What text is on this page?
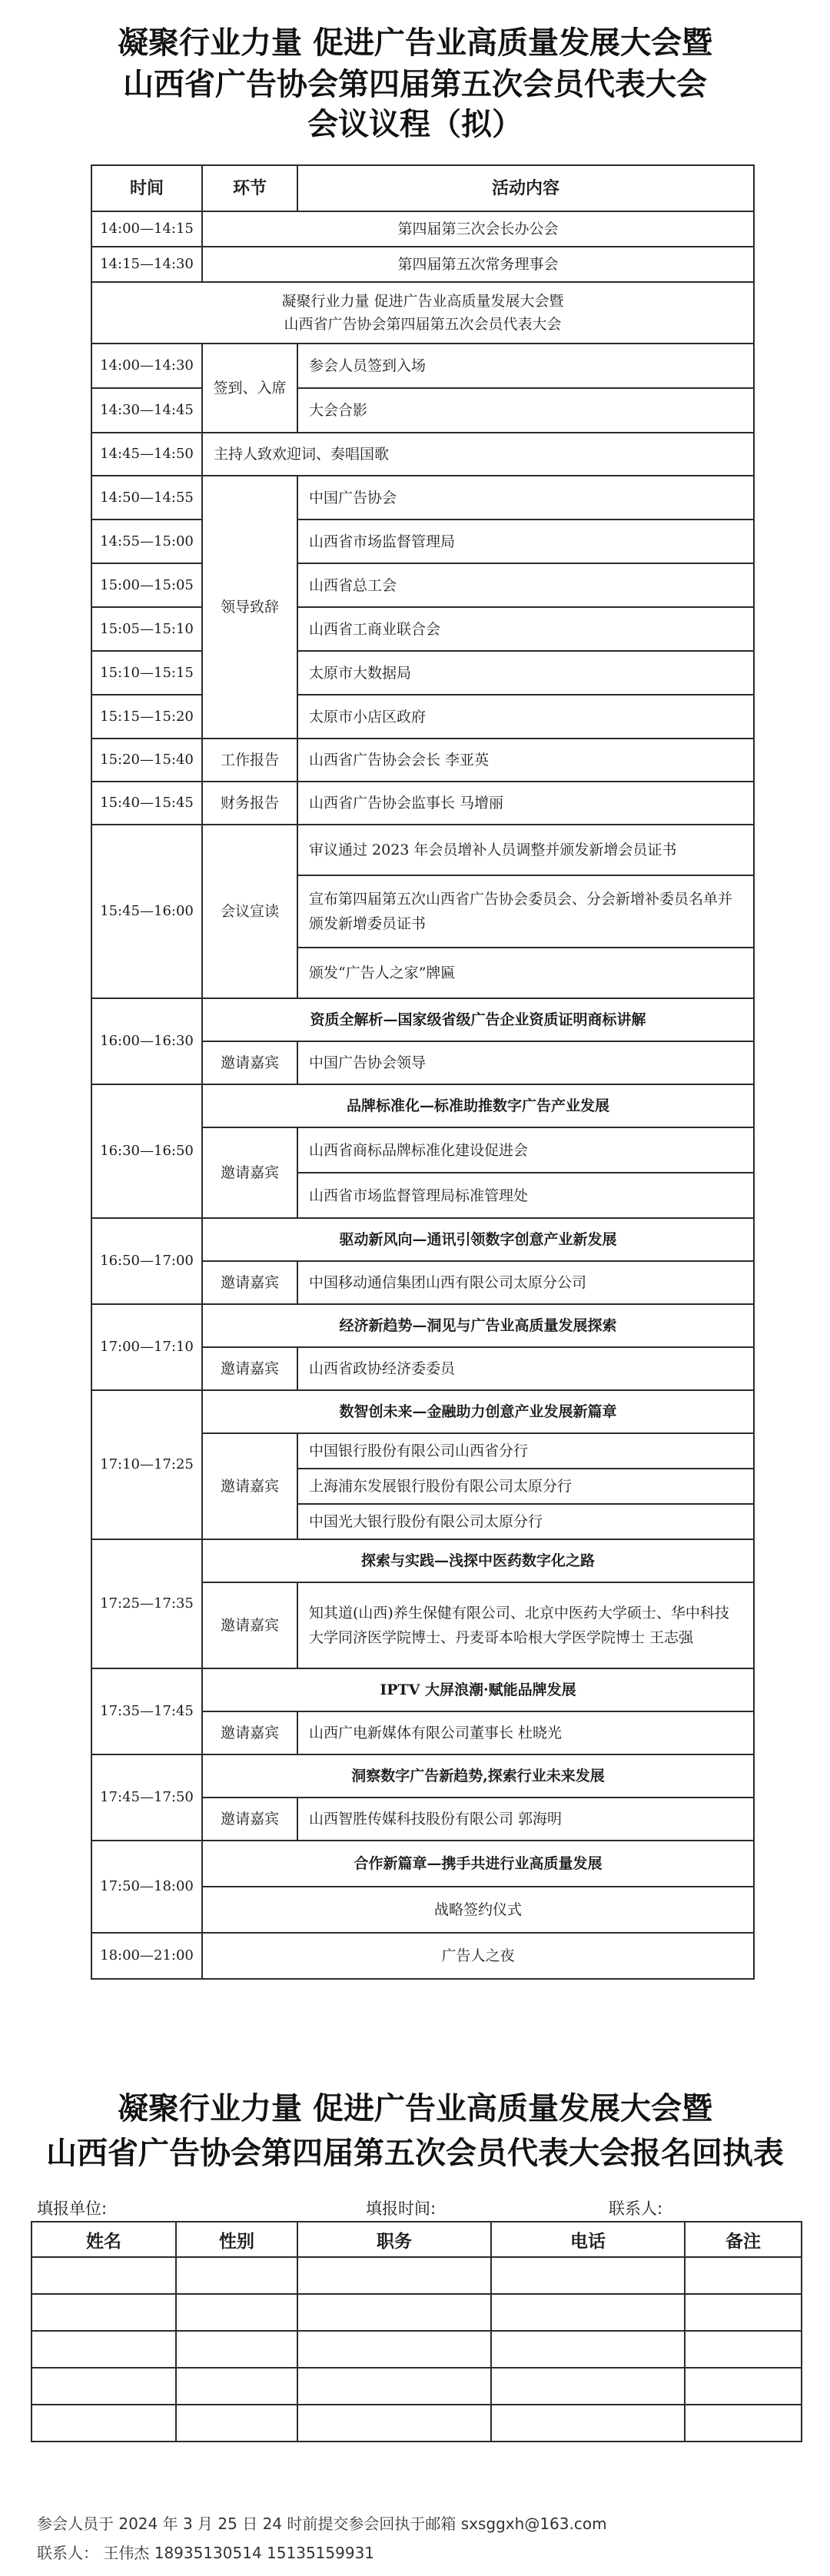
凝聚行业力量 促进广告业高质量发展大会暨
山西省广告协会第四届第五次会员代表大会
会议议程（拟）
时间	环节	活动内容
14:00—14:15	第四届第三次会长办公会	
14:15—14:30	第四届第五次常务理事会	

凝聚行业力量 促进广告业高质量发展大会暨
山西省广告协会第四届第五次会员代表大会		

14:00—14:30	签到、入席	参会人员签到入场
14:30—14:45		大会合影
14:45—14:50	主持人致欢迎词、奏唱国歌	
14:50—14:55	领导致辞	中国广告协会
14:55—15:00		山西省市场监督管理局
15:00—15:05		山西省总工会
15:05—15:10		山西省工商业联合会
15:10—15:15		太原市大数据局
15:15—15:20		太原市小店区政府
15:20—15:40	工作报告	山西省广告协会会长 李亚英
15:40—15:45	财务报告	山西省广告协会监事长 马增丽
15:45—16:00	会议宣读	审议通过 2023 年会员增补人员调整并颁发新增会员证书
		宣布第四届第五次山西省广告协会委员会、分会新增补委员名单并颁发新增委员证书
		颁发“广告人之家”牌匾
16:00—16:30	资质全解析—国家级省级广告企业资质证明商标讲解	
	邀请嘉宾	中国广告协会领导
16:30—16:50	品牌标准化—标准助推数字广告产业发展	
	邀请嘉宾	山西省商标品牌标准化建设促进会
		山西省市场监督管理局标准管理处
16:50—17:00	驱动新风向—通讯引领数字创意产业新发展	
	邀请嘉宾	中国移动通信集团山西有限公司太原分公司
17:00—17:10	经济新趋势—洞见与广告业高质量发展探索	
	邀请嘉宾	山西省政协经济委委员
17:10—17:25	数智创未来—金融助力创意产业发展新篇章	
	邀请嘉宾	中国银行股份有限公司山西省分行
		上海浦东发展银行股份有限公司太原分行
		中国光大银行股份有限公司太原分行
17:25—17:35	探索与实践—浅探中医药数字化之路	
	邀请嘉宾	知其道(山西)养生保健有限公司、北京中医药大学硕士、华中科技大学同济医学院博士、丹麦哥本哈根大学医学院博士 王志强
17:35—17:45	IPTV 大屏浪潮·赋能品牌发展	
	邀请嘉宾	山西广电新媒体有限公司董事长 杜晓光
17:45—17:50	洞察数字广告新趋势,探索行业未来发展	
	邀请嘉宾	山西智胜传媒科技股份有限公司 郭海明
17:50—18:00	合作新篇章—携手共进行业高质量发展	
	战略签约仪式	
18:00—21:00	广告人之夜	
凝聚行业力量 促进广告业高质量发展大会暨
山西省广告协会第四届第五次会员代表大会报名回执表
填报单位:	填报时间:	联系人:
姓名	性别	职务	电话	备注

参会人员于 2024 年 3 月 25 日 24 时前提交参会回执于邮箱 sxsggxh@163.com
联系人： 王伟杰 18935130514 15135159931
